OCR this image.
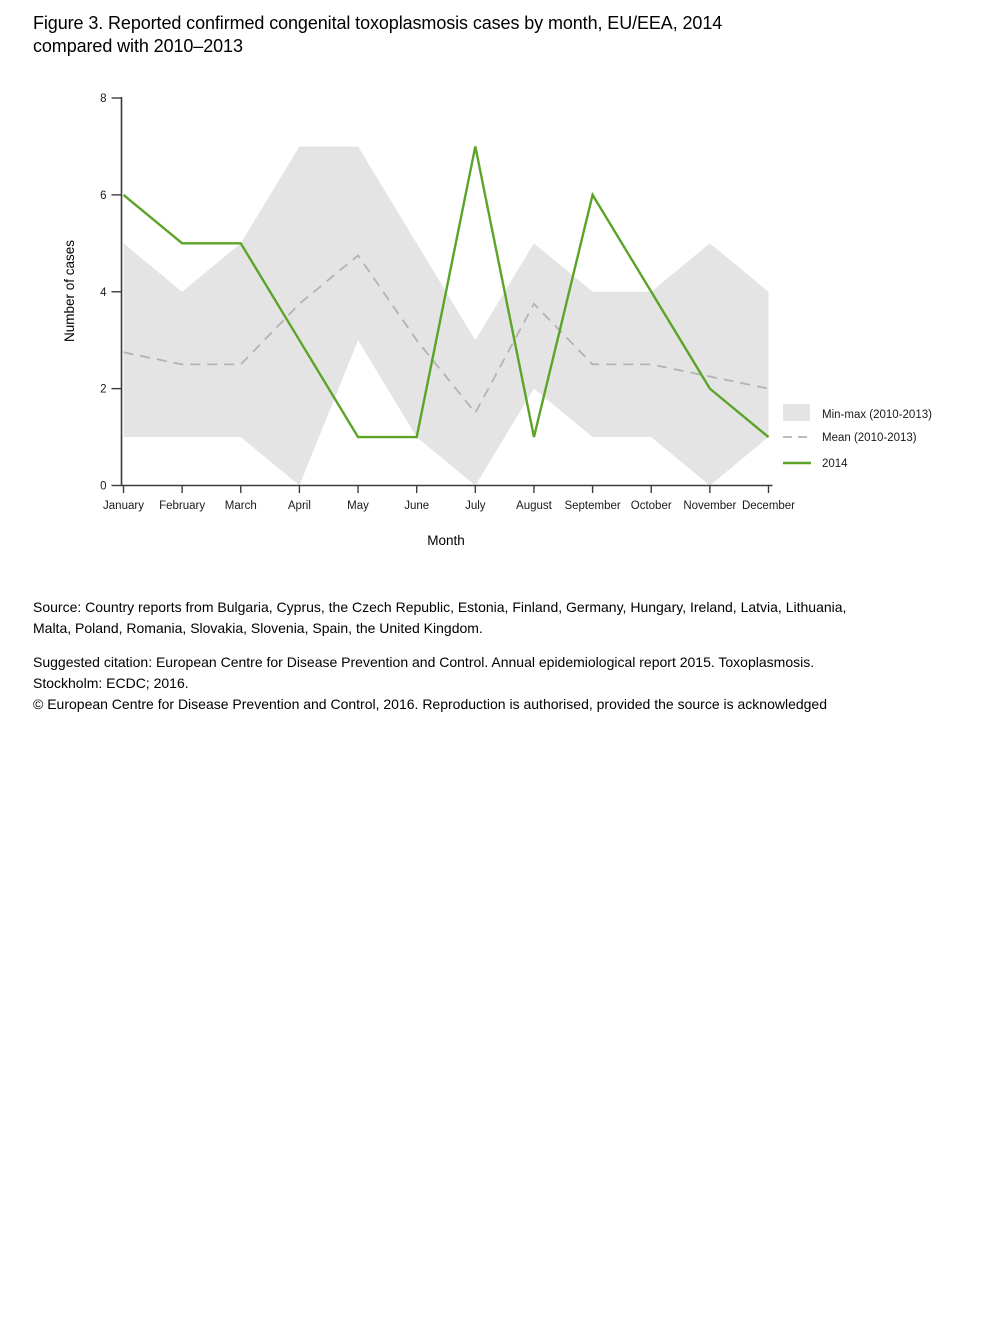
Figure 3. Reported confirmed congenital toxoplasmosis cases by month, EU/EEA, 2014
compared with 2010–2013
0
2
4
6
8
January February March	April	May	June	July	August September October November December
Number of cases
Month
Min-max (2010-2013)
Mean (2010-2013)
2014
Source: Country reports from Bulgaria, Cyprus, the Czech Republic, Estonia, Finland, Germany, Hungary, Ireland, Latvia, Lithuania,
Malta, Poland, Romania, Slovakia, Slovenia, Spain, the United Kingdom.
Suggested citation: European Centre for Disease Prevention and Control. Annual epidemiological report 2015. Toxoplasmosis.
Stockholm: ECDC; 2016.
© European Centre for Disease Prevention and Control, 2016. Reproduction is authorised, provided the source is acknowledged
